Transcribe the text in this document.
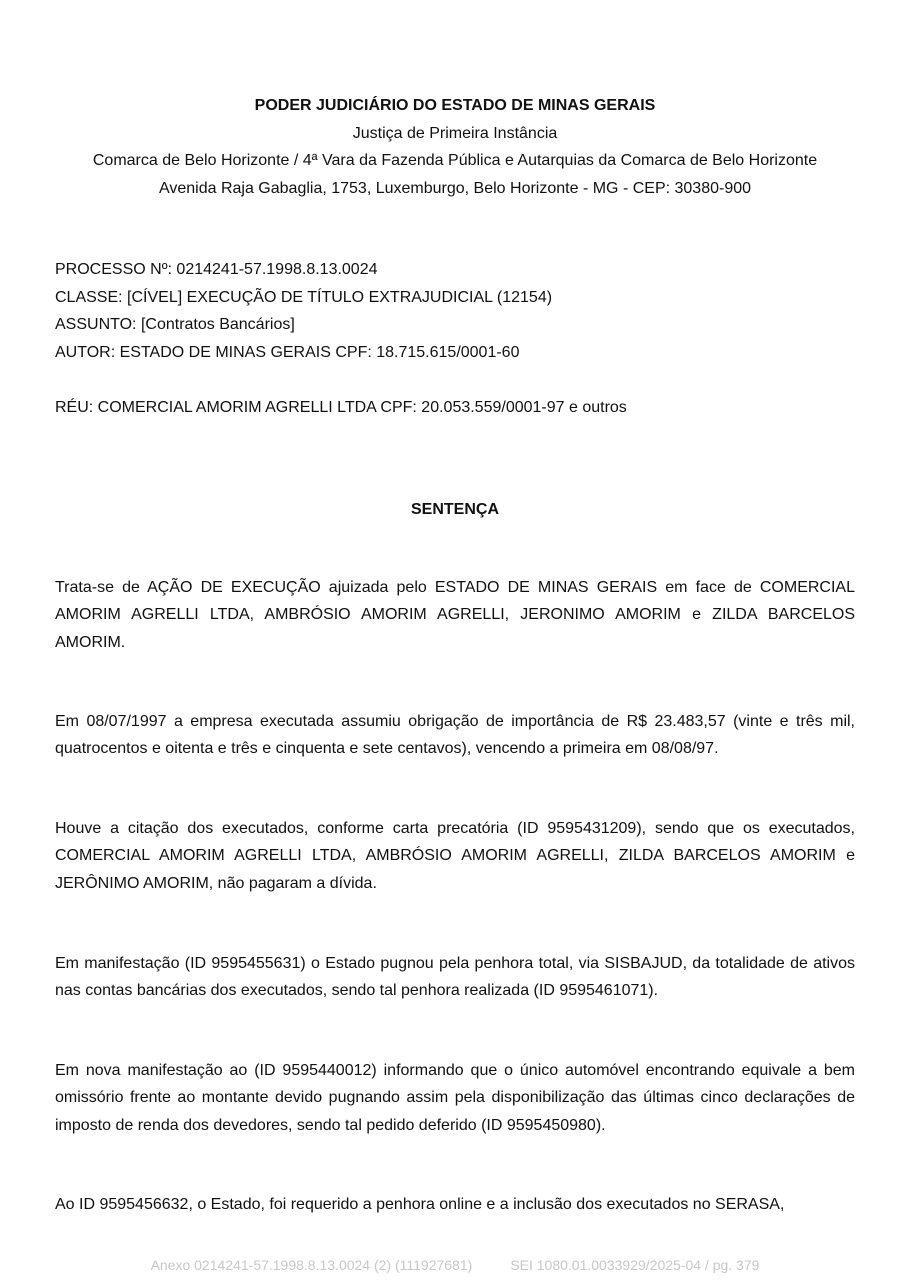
PODER JUDICIÁRIO DO ESTADO DE MINAS GERAIS
Justiça de Primeira Instância
Comarca de Belo Horizonte / 4ª Vara da Fazenda Pública e Autarquias da Comarca de Belo Horizonte
Avenida Raja Gabaglia, 1753, Luxemburgo, Belo Horizonte - MG - CEP: 30380-900
PROCESSO Nº: 0214241-57.1998.8.13.0024
CLASSE: [CÍVEL] EXECUÇÃO DE TÍTULO EXTRAJUDICIAL (12154)
ASSUNTO: [Contratos Bancários]
AUTOR: ESTADO DE MINAS GERAIS CPF: 18.715.615/0001-60
RÉU: COMERCIAL AMORIM AGRELLI LTDA CPF: 20.053.559/0001-97 e outros
SENTENÇA
Trata-se de AÇÃO DE EXECUÇÃO ajuizada pelo ESTADO DE MINAS GERAIS em face de COMERCIAL AMORIM AGRELLI LTDA, AMBRÓSIO AMORIM AGRELLI, JERONIMO AMORIM e ZILDA BARCELOS AMORIM.
Em 08/07/1997 a empresa executada assumiu obrigação de importância de R$ 23.483,57 (vinte e três mil, quatrocentos e oitenta e três e cinquenta e sete centavos), vencendo a primeira em 08/08/97.
Houve a citação dos executados, conforme carta precatória (ID 9595431209), sendo que os executados, COMERCIAL AMORIM AGRELLI LTDA, AMBRÓSIO AMORIM AGRELLI, ZILDA BARCELOS AMORIM e JERÔNIMO AMORIM, não pagaram a dívida.
Em manifestação (ID 9595455631) o Estado pugnou pela penhora total, via SISBAJUD, da totalidade de ativos nas contas bancárias dos executados, sendo tal penhora realizada (ID 9595461071).
Em nova manifestação ao (ID 9595440012) informando que o único automóvel encontrando equivale a bem omissório frente ao montante devido pugnando assim pela disponibilização das últimas cinco declarações de imposto de renda dos devedores, sendo tal pedido deferido (ID 9595450980).
Ao ID 9595456632, o Estado, foi requerido a penhora online e a inclusão dos executados no SERASA,
Anexo 0214241-57.1998.8.13.0024 (2) (111927681)	SEI 1080.01.0033929/2025-04 / pg. 379
